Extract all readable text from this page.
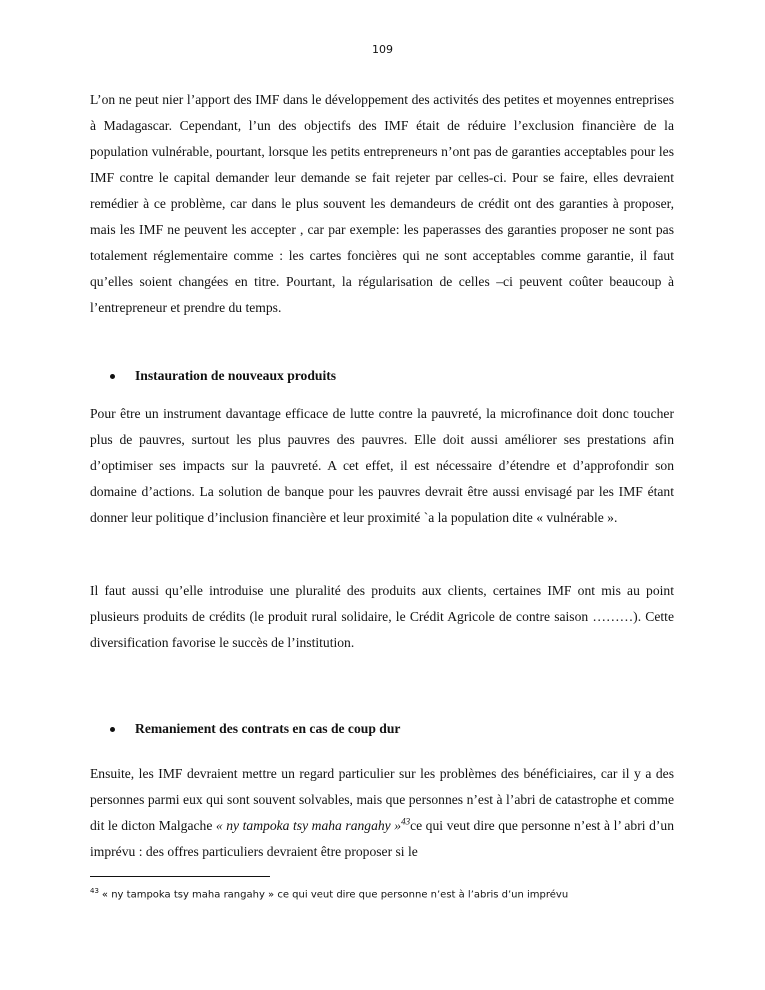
109

L’on ne peut nier l’apport des IMF dans le développement des activités des petites et moyennes entreprises à Madagascar. Cependant, l’un des objectifs des IMF était de réduire l’exclusion financière de la population vulnérable, pourtant, lorsque les petits entrepreneurs n’ont pas de garanties acceptables pour les IMF contre le capital demander leur demande se fait rejeter par celles-ci. Pour se faire, elles devraient remédier à ce problème, car dans le plus souvent les demandeurs de crédit ont des garanties à proposer, mais les IMF ne peuvent les accepter , car par exemple: les paperasses des garanties proposer ne sont pas totalement réglementaire comme : les cartes foncières qui ne sont acceptables comme garantie, il faut qu’elles soient changées en titre. Pourtant, la régularisation de celles –ci peuvent coûter beaucoup à l’entrepreneur et prendre du temps.

Instauration de nouveaux produits

Pour être un instrument davantage efficace de lutte contre la pauvreté, la microfinance doit donc toucher plus de pauvres, surtout les plus pauvres des pauvres. Elle doit aussi améliorer ses prestations afin d’optimiser ses impacts sur la pauvreté. A cet effet, il est nécessaire d’étendre et d’approfondir son domaine d’actions. La solution de banque pour les pauvres devrait être aussi envisagé par les IMF étant donner leur politique d’inclusion financière et leur proximité `a la population dite « vulnérable ».

Il faut aussi qu’elle introduise une pluralité des produits aux clients, certaines IMF ont mis au point plusieurs produits de crédits (le produit rural solidaire, le Crédit Agricole de contre saison ………). Cette diversification favorise le succès de l’institution.

Remaniement des contrats en cas de coup dur

Ensuite, les IMF devraient mettre un regard particulier sur les problèmes des bénéficiaires, car il y a des personnes parmi eux qui sont souvent solvables, mais que personnes n’est à l’abri de catastrophe et comme dit le dicton Malgache « ny tampoka tsy maha rangahy »$^{43}$ce qui veut dire que personne n’est à l’ abri d’un imprévu : des offres particuliers devraient être proposer si le

$^{43}$ « ny tampoka tsy maha rangahy » ce qui veut dire que personne n’est à l’abris d’un imprévu
